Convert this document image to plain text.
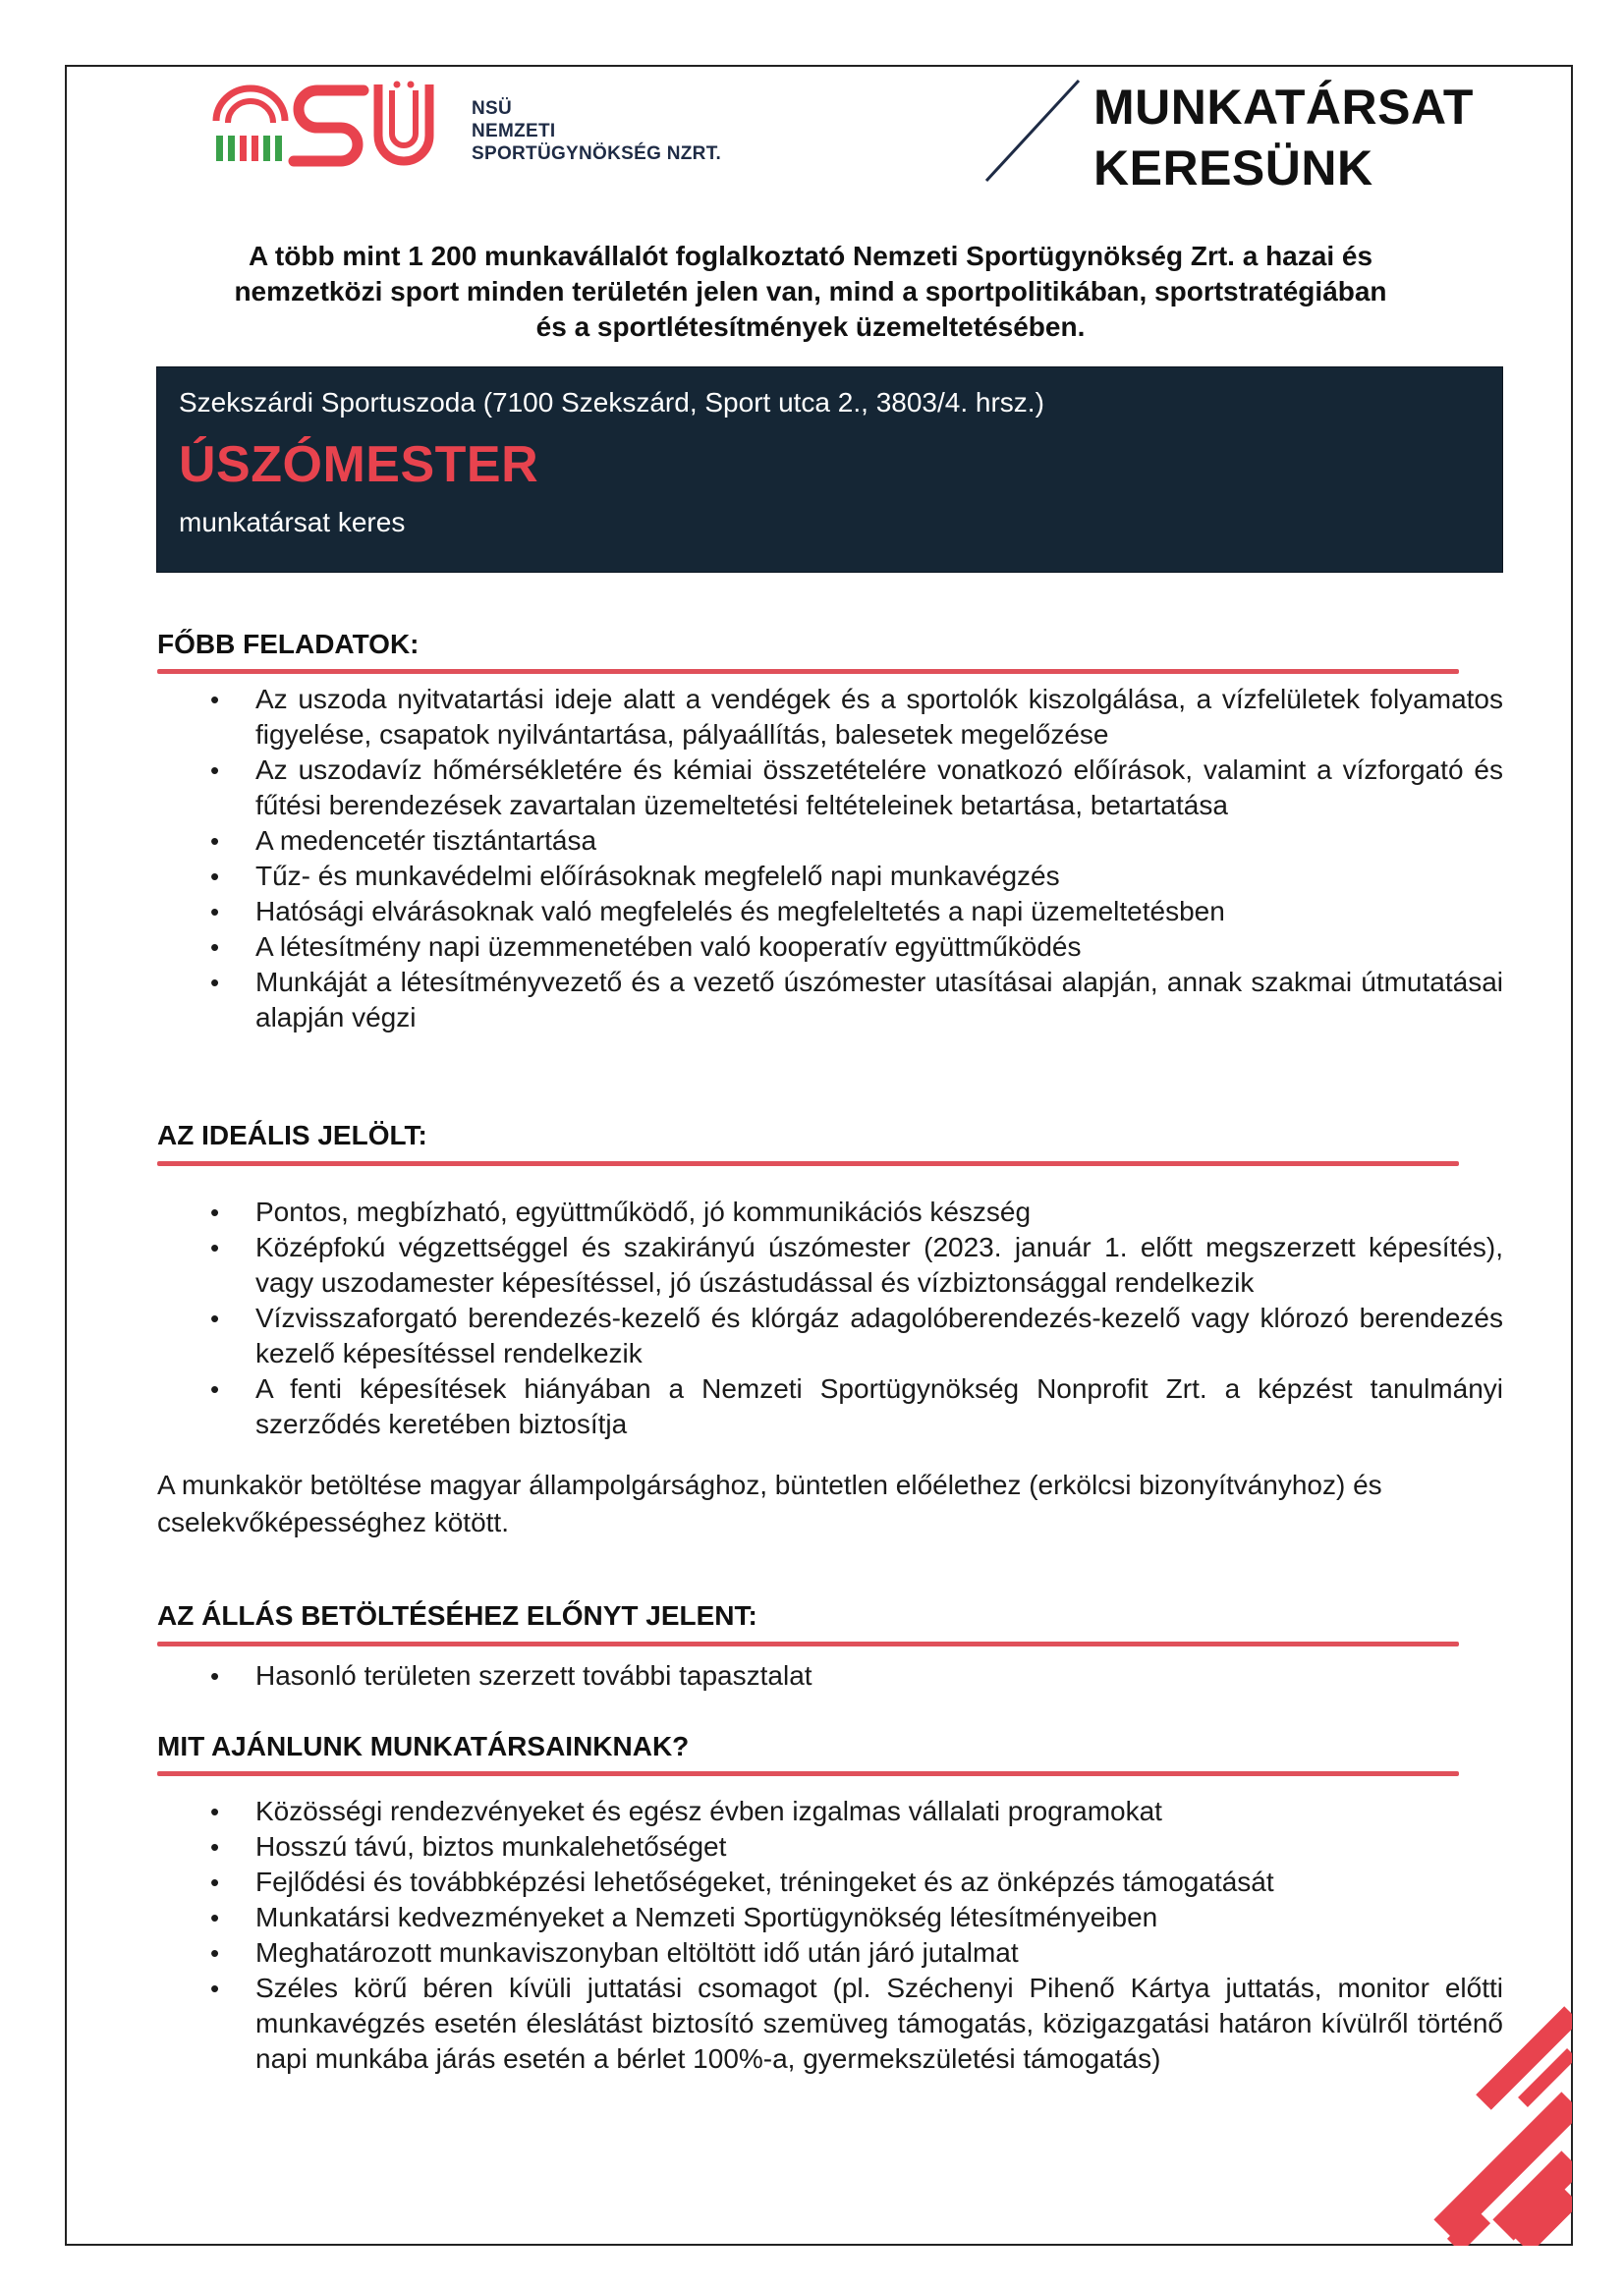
NSÜ
NEMZETI
SPORTÜGYNÖKSÉG NZRT.
MUNKATÁRSAT
KERESÜNK
A több mint 1 200 munkavállalót foglalkoztató Nemzeti Sportügynökség Zrt. a hazai és
nemzetközi sport minden területén jelen van, mind a sportpolitikában, sportstratégiában
és a sportlétesítmények üzemeltetésében.
Szekszárdi Sportuszoda (7100 Szekszárd, Sport utca 2., 3803/4. hrsz.)
ÚSZÓMESTER
munkatársat keres
FŐBB FELADATOK:
• Az uszoda nyitvatartási ideje alatt a vendégek és a sportolók kiszolgálása, a vízfelületek folyamatos figyelése, csapatok nyilvántartása, pályaállítás, balesetek megelőzése
• Az uszodavíz hőmérsékletére és kémiai összetételére vonatkozó előírások, valamint a vízforgató és fűtési berendezések zavartalan üzemeltetési feltételeinek betartása, betartatása
• A medencetér tisztántartása
• Tűz- és munkavédelmi előírásoknak megfelelő napi munkavégzés
• Hatósági elvárásoknak való megfelelés és megfeleltetés a napi üzemeltetésben
• A létesítmény napi üzemmenetében való kooperatív együttműködés
• Munkáját a létesítményvezető és a vezető úszómester utasításai alapján, annak szakmai útmutatásai alapján végzi
AZ IDEÁLIS JELÖLT:
• Pontos, megbízható, együttműködő, jó kommunikációs készség
• Középfokú végzettséggel és szakirányú úszómester (2023. január 1. előtt megszerzett képesítés), vagy uszodamester képesítéssel, jó úszástudással és vízbiztonsággal rendelkezik
• Vízvisszaforgató berendezés-kezelő és klórgáz adagolóberendezés-kezelő vagy klórozó berendezés kezelő képesítéssel rendelkezik
• A fenti képesítések hiányában a Nemzeti Sportügynökség Nonprofit Zrt. a képzést tanulmányi szerződés keretében biztosítja
A munkakör betöltése magyar állampolgársághoz, büntetlen előélethez (erkölcsi bizonyítványhoz) és cselekvőképességhez kötött.
AZ ÁLLÁS BETÖLTÉSÉHEZ ELŐNYT JELENT:
• Hasonló területen szerzett további tapasztalat
MIT AJÁNLUNK MUNKATÁRSAINKNAK?
• Közösségi rendezvényeket és egész évben izgalmas vállalati programokat
• Hosszú távú, biztos munkalehetőséget
• Fejlődési és továbbképzési lehetőségeket, tréningeket és az önképzés támogatását
• Munkatársi kedvezményeket a Nemzeti Sportügynökség létesítményeiben
• Meghatározott munkaviszonyban eltöltött idő után járó jutalmat
• Széles körű béren kívüli juttatási csomagot (pl. Széchenyi Pihenő Kártya juttatás, monitor előtti munkavégzés esetén éleslátást biztosító szemüveg támogatás, közigazgatási határon kívülről történő napi munkába járás esetén a bérlet 100%-a, gyermekszületési támogatás)
